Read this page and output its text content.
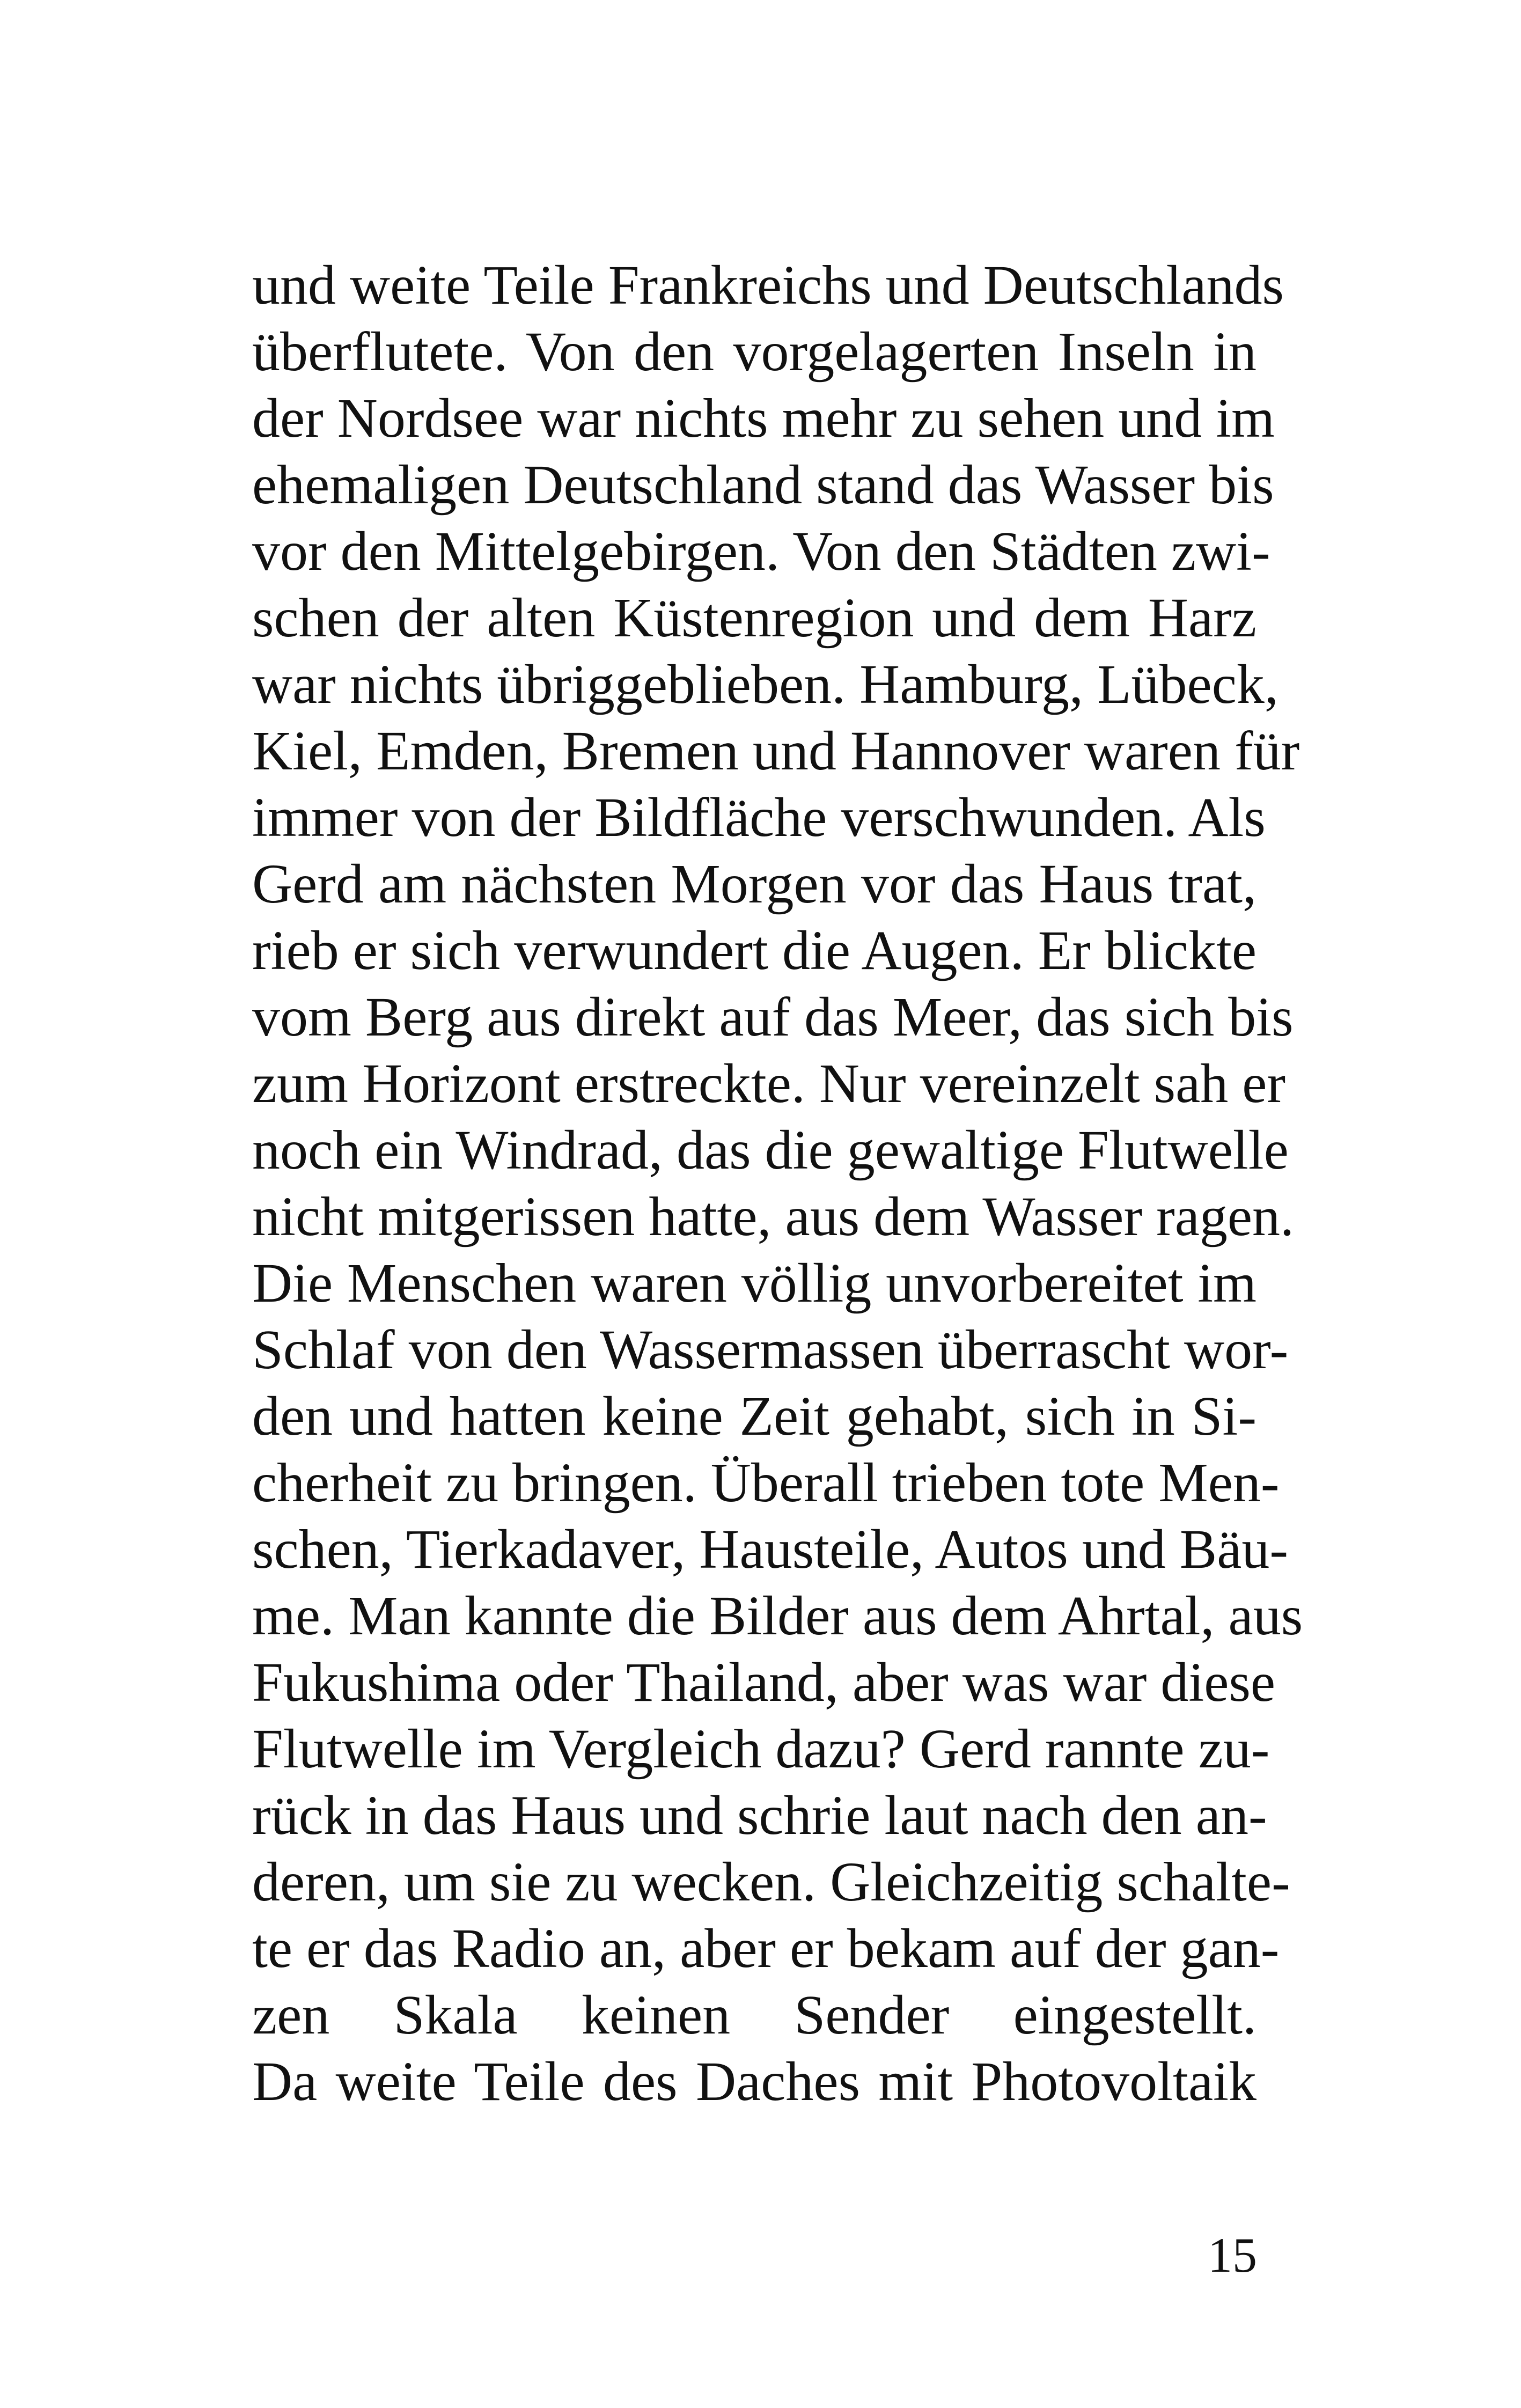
und weite Teile Frankreichs und Deutschlands
überflutete. Von den vorgelagerten Inseln in
der Nordsee war nichts mehr zu sehen und im
ehemaligen Deutschland stand das Wasser bis
vor den Mittelgebirgen. Von den Städten zwi-
schen der alten Küstenregion und dem Harz
war nichts übriggeblieben. Hamburg, Lübeck,
Kiel, Emden, Bremen und Hannover waren für
immer von der Bildfläche verschwunden. Als
Gerd am nächsten Morgen vor das Haus trat,
rieb er sich verwundert die Augen. Er blickte
vom Berg aus direkt auf das Meer, das sich bis
zum Horizont erstreckte. Nur vereinzelt sah er
noch ein Windrad, das die gewaltige Flutwelle
nicht mitgerissen hatte, aus dem Wasser ragen.
Die Menschen waren völlig unvorbereitet im
Schlaf von den Wassermassen überrascht wor-
den und hatten keine Zeit gehabt, sich in Si-
cherheit zu bringen. Überall trieben tote Men-
schen, Tierkadaver, Hausteile, Autos und Bäu-
me. Man kannte die Bilder aus dem Ahrtal, aus
Fukushima oder Thailand, aber was war diese
Flutwelle im Vergleich dazu? Gerd rannte zu-
rück in das Haus und schrie laut nach den an-
deren, um sie zu wecken. Gleichzeitig schalte-
te er das Radio an, aber er bekam auf der gan-
zen Skala keinen Sender eingestellt.
Da weite Teile des Daches mit Photovoltaik
15
